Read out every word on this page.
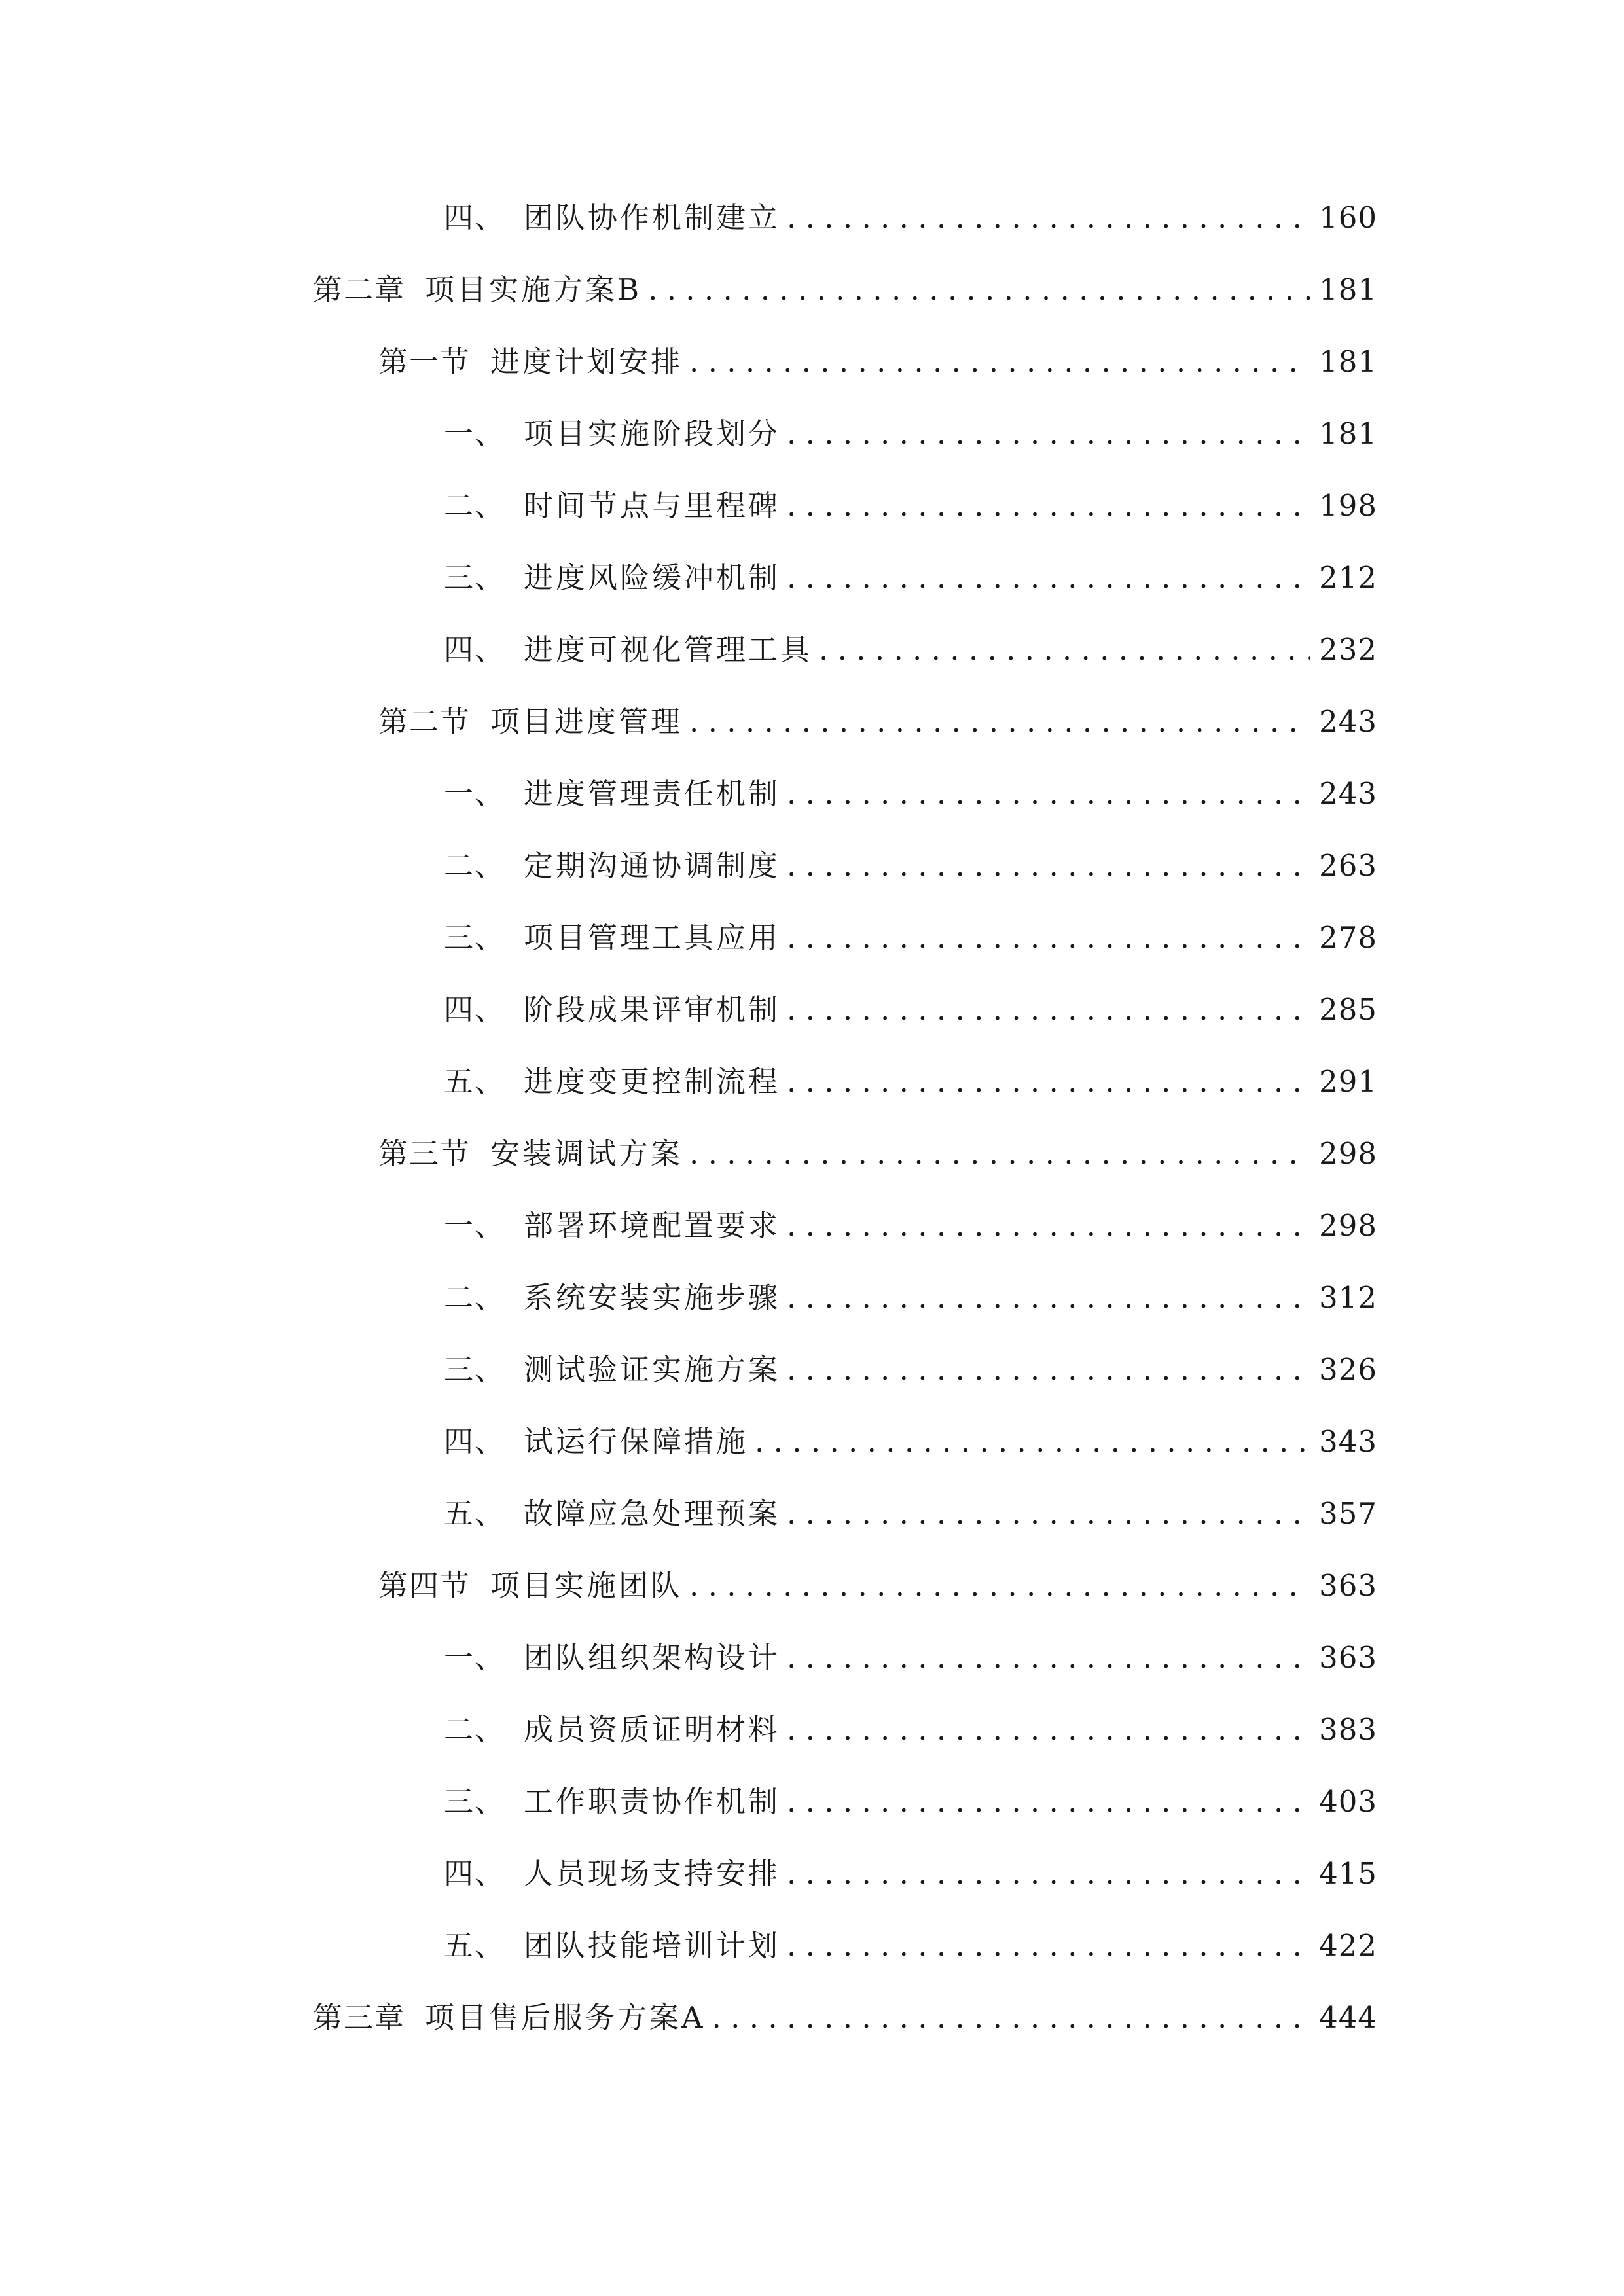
四、 团队协作机制建立 . . .	160
第二章 项目实施方案B . . .	181
第一节 进度计划安排 . . .	181
一、 项目实施阶段划分 . . .	181
二、 时间节点与里程碑 . . .	198
三、 进度风险缓冲机制 . . .	212
四、 进度可视化管理工具 . . .	232
第二节 项目进度管理 . . .	243
一、 进度管理责任机制 . . .	243
二、 定期沟通协调制度 . . .	263
三、 项目管理工具应用 . . .	278
四、 阶段成果评审机制 . . .	285
五、 进度变更控制流程 . . .	291
第三节 安装调试方案 . . .	298
一、 部署环境配置要求 . . .	298
二、 系统安装实施步骤 . . .	312
三、 测试验证实施方案 . . .	326
四、 试运行保障措施 . . .	343
五、 故障应急处理预案 . . .	357
第四节 项目实施团队 . . .	363
一、 团队组织架构设计 . . .	363
二、 成员资质证明材料 . . .	383
三、 工作职责协作机制 . . .	403
四、 人员现场支持安排 . . .	415
五、 团队技能培训计划 . . .	422
第三章 项目售后服务方案A . . .	444
